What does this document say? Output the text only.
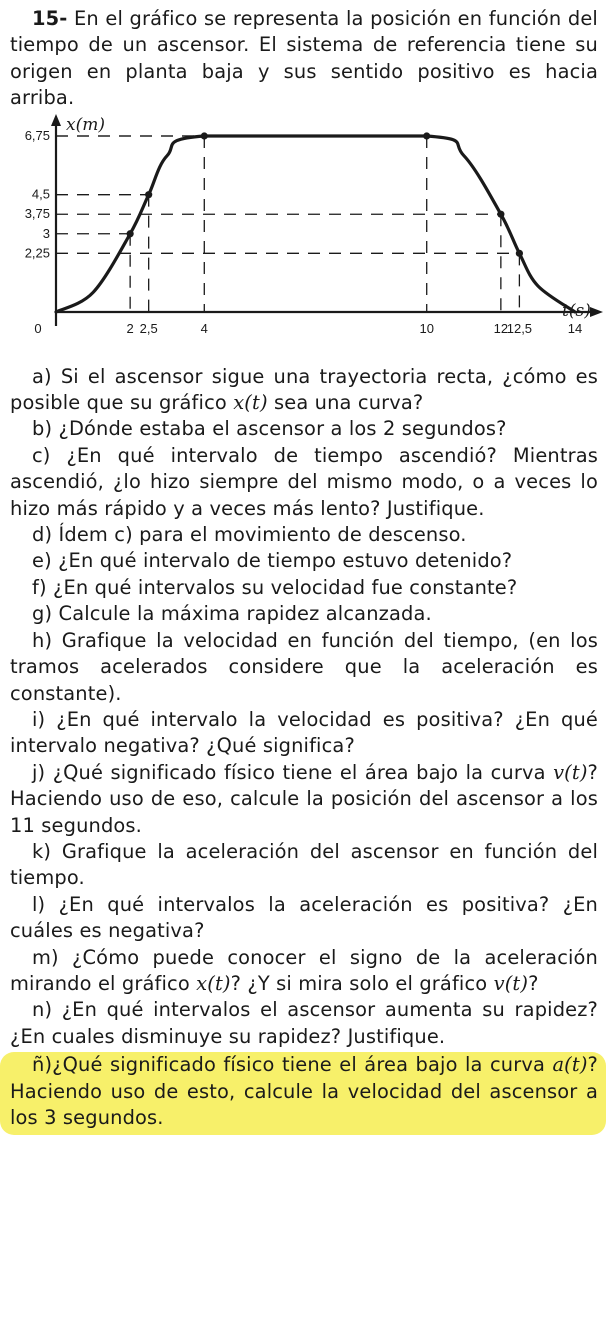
15- En el gráfico se representa la posición en función del tiempo de un ascensor. El sistema de referencia tiene su origen en planta baja y sus sentido positivo es hacia arriba.

0	2 2,5	4	10	12
12,5	14
2,25
3
3,75
4,5
6,75
x(m)
t(s)

a) Si el ascensor sigue una trayectoria recta, ¿cómo es posible que su gráfico x(t) sea una curva?

b) ¿Dónde estaba el ascensor a los 2 segundos?

c) ¿En qué intervalo de tiempo ascendió? Mientras ascendió, ¿lo hizo siempre del mismo modo, o a veces lo hizo más rápido y a veces más lento? Justifique.

d) Ídem c) para el movimiento de descenso.

e) ¿En qué intervalo de tiempo estuvo detenido?

f) ¿En qué intervalos su velocidad fue constante?

g) Calcule la máxima rapidez alcanzada.

h) Grafique la velocidad en función del tiempo, (en los tramos acelerados considere que la aceleración es constante).

i) ¿En qué intervalo la velocidad es positiva? ¿En qué intervalo negativa? ¿Qué significa?

j) ¿Qué significado físico tiene el área bajo la curva v(t)? Haciendo uso de eso, calcule la posición del ascensor a los 11 segundos.

k) Grafique la aceleración del ascensor en función del tiempo.

l) ¿En qué intervalos la aceleración es positiva? ¿En cuáles es negativa?

m) ¿Cómo puede conocer el signo de la aceleración mirando el gráfico x(t)? ¿Y si mira solo el gráfico v(t)?

n) ¿En qué intervalos el ascensor aumenta su rapidez? ¿En cuales disminuye su rapidez? Justifique.

ñ)¿Qué significado físico tiene el área bajo la curva a(t)? Haciendo uso de esto, calcule la velocidad del ascensor a los 3 segundos.
